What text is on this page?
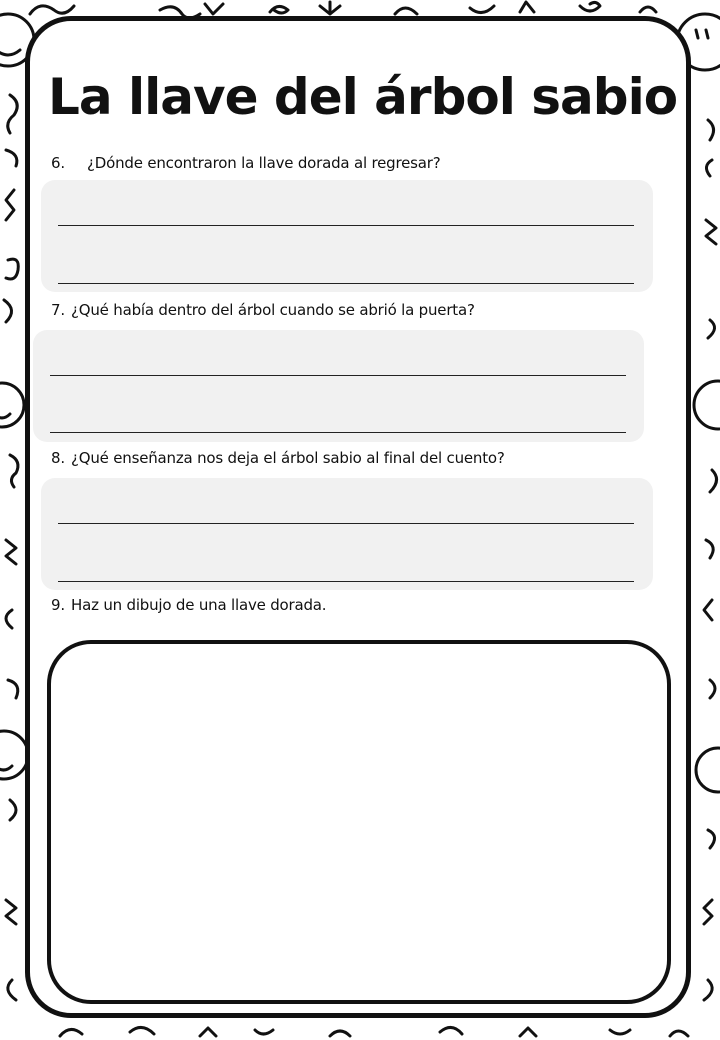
La llave del árbol sabio
6. ¿Dónde encontraron la llave dorada al regresar?
7. ¿Qué había dentro del árbol cuando se abrió la puerta?
8. ¿Qué enseñanza nos deja el árbol sabio al final del cuento?
9. Haz un dibujo de una llave dorada.
